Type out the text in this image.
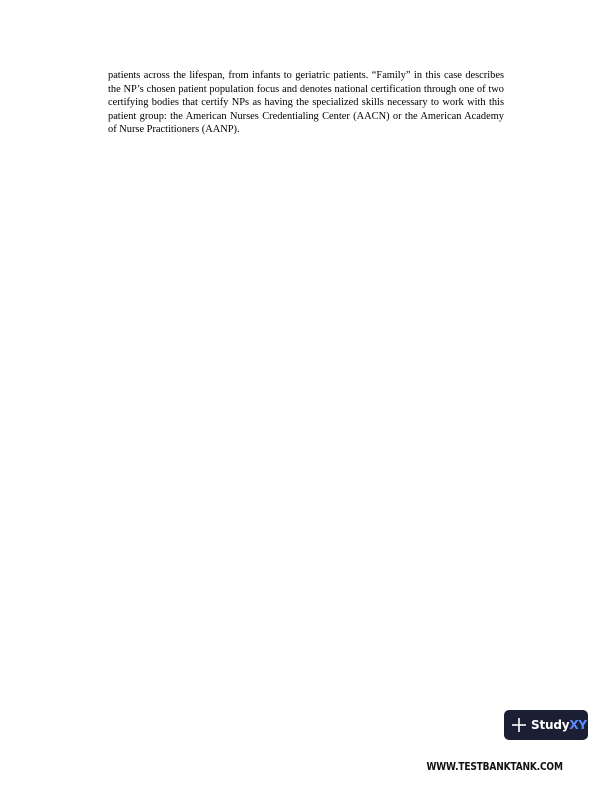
patients across the lifespan, from infants to geriatric patients. “Family” in this case describes the NP’s chosen patient population focus and denotes national certification through one of two certifying bodies that certify NPs as having the specialized skills necessary to work with this patient group: the American Nurses Credentialing Center (AACN) or the American Academy of Nurse Practitioners (AANP).

StudyXY
WWW.TESTBANKTANK.COM
